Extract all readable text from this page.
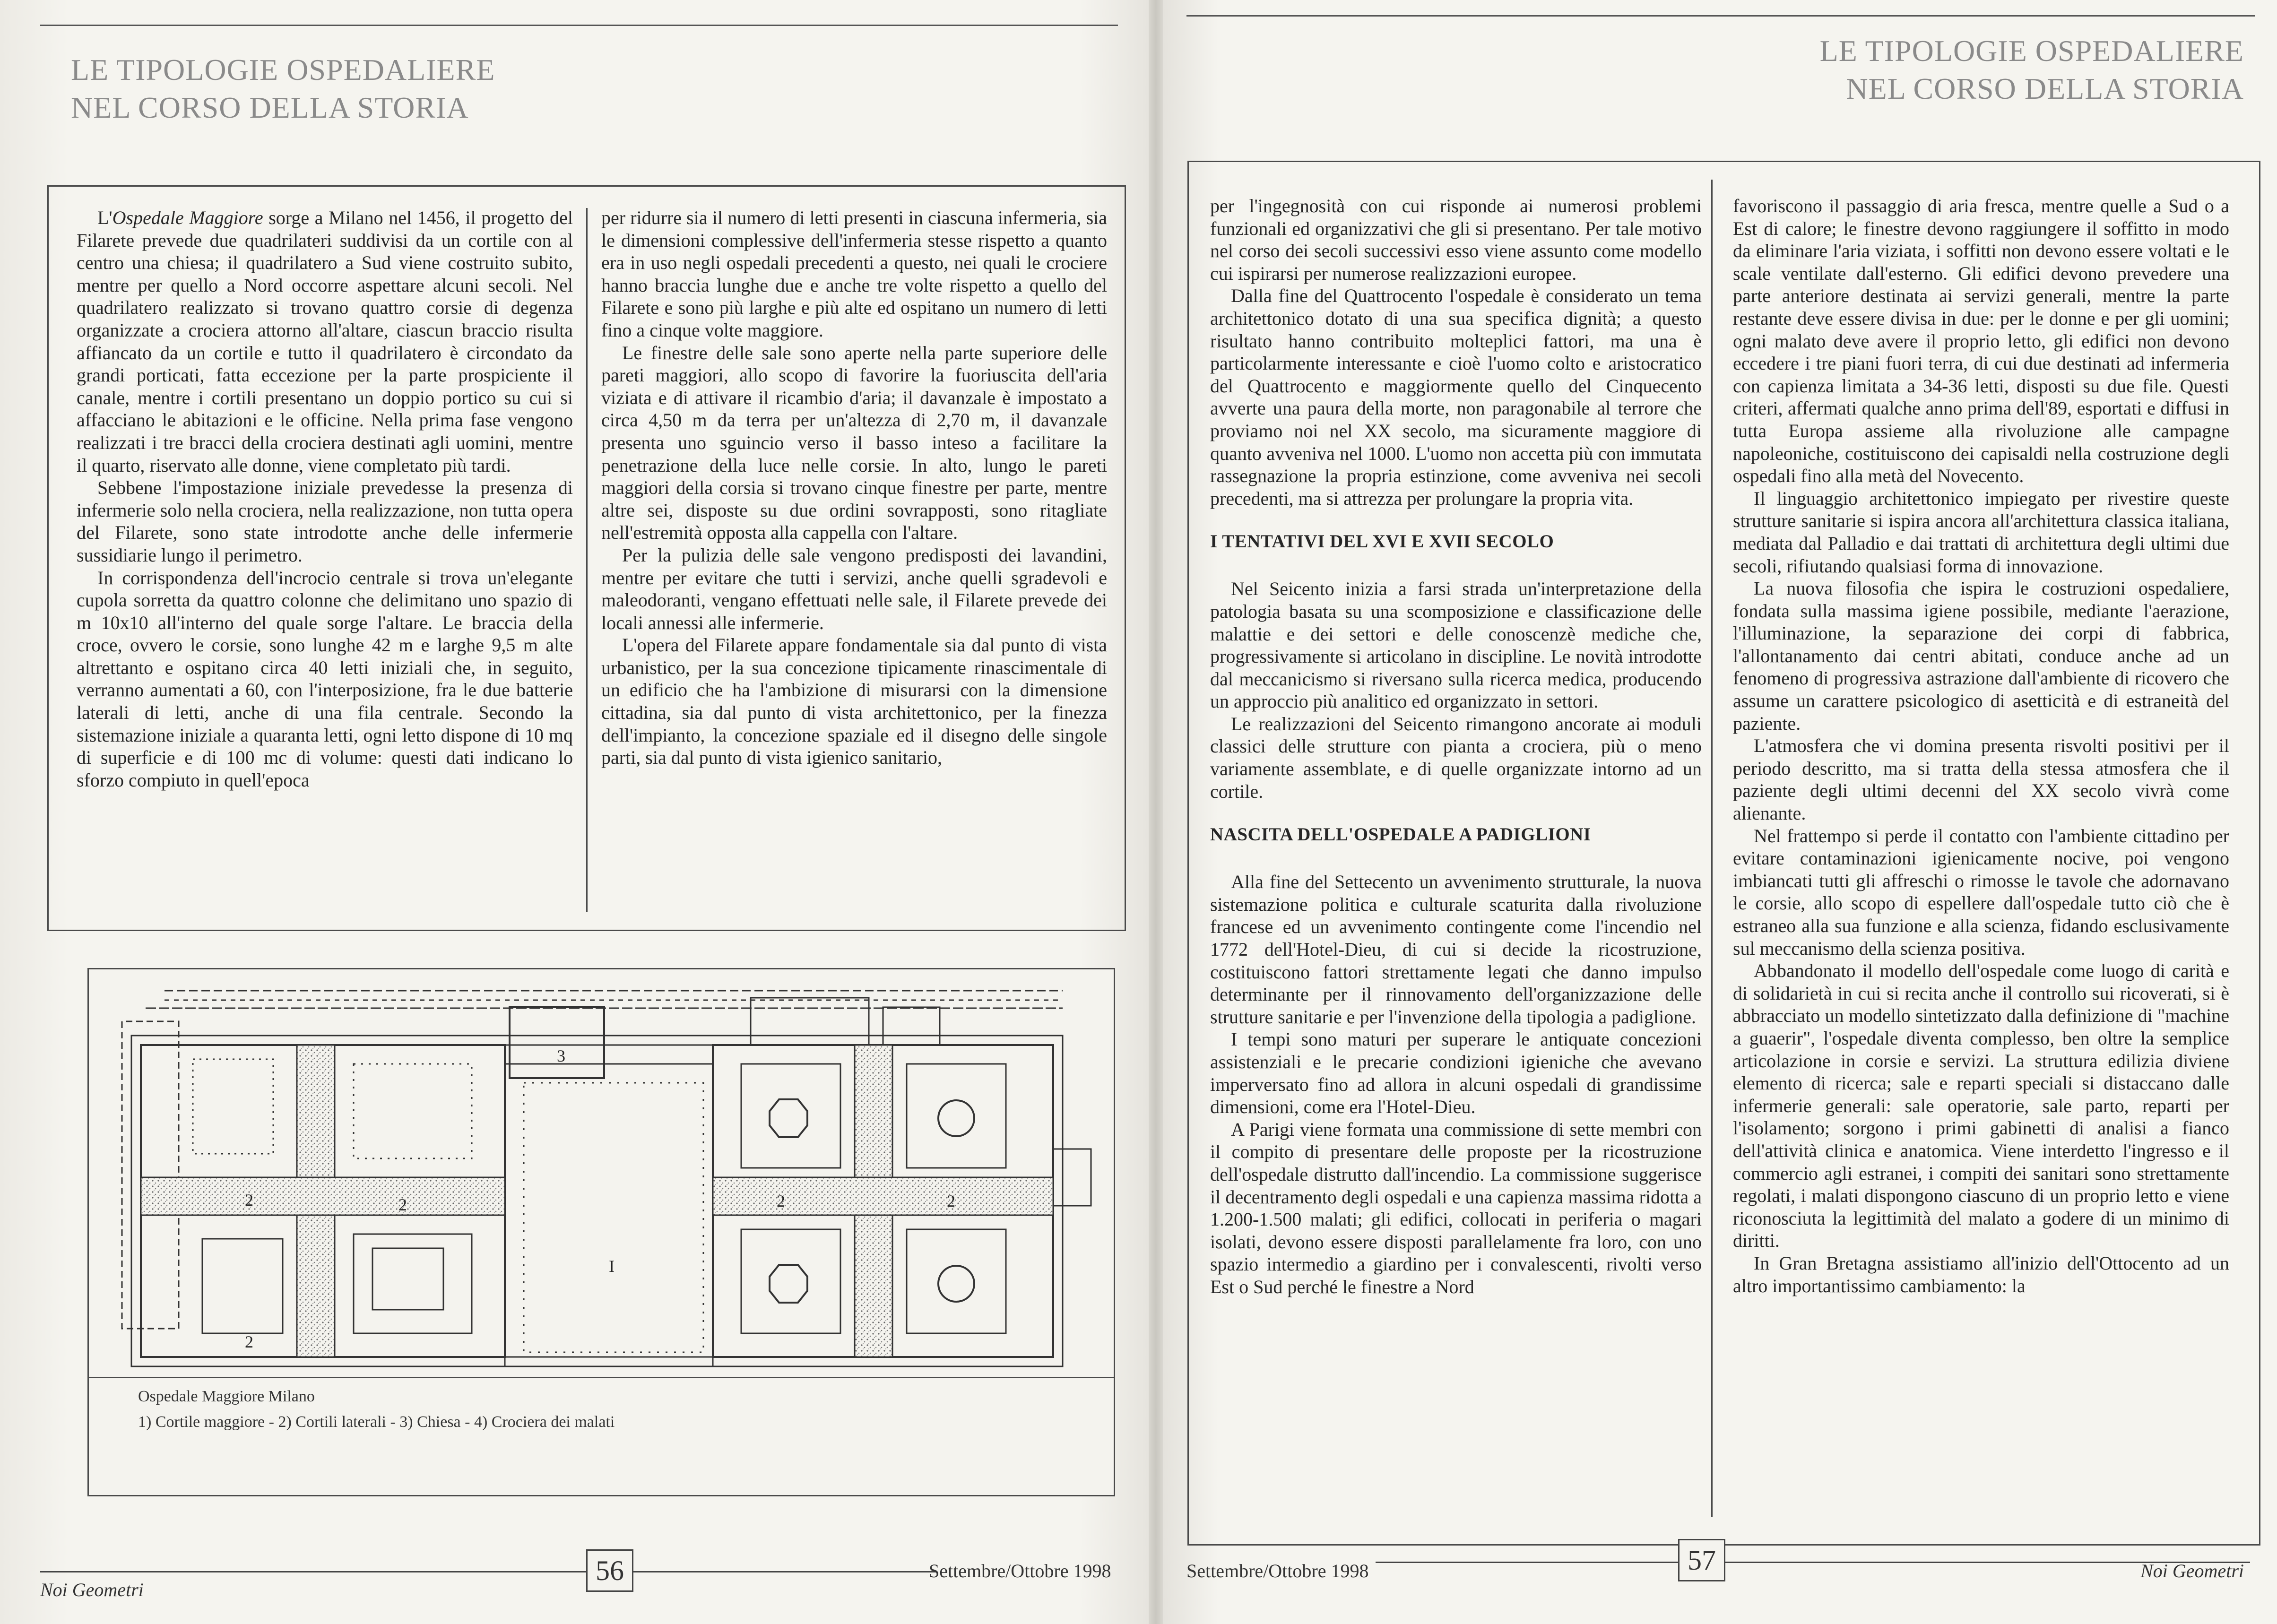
LE TIPOLOGIE OSPEDALIERE
NEL CORSO DELLA STORIA

L'Ospedale Maggiore sorge a Milano nel 1456, il progetto del Filarete prevede due quadrilateri suddivisi da un cortile con al centro una chiesa; il quadrilatero a Sud viene costruito subito, mentre per quello a Nord occorre aspettare alcuni secoli. Nel quadrilatero realizzato si trovano quattro corsie di degenza organizzate a crociera attorno all'altare, ciascun braccio risulta affiancato da un cortile e tutto il quadrilatero è circondato da grandi porticati, fatta eccezione per la parte prospiciente il canale, mentre i cortili presentano un doppio portico su cui si affacciano le abitazioni e le officine. Nella prima fase vengono realizzati i tre bracci della crociera destinati agli uomini, mentre il quarto, riservato alle donne, viene completato più tardi.

Sebbene l'impostazione iniziale prevedesse la presenza di infermerie solo nella crociera, nella realizzazione, non tutta opera del Filarete, sono state introdotte anche delle infermerie sussidiarie lungo il perimetro.

In corrispondenza dell'incrocio centrale si trova un'elegante cupola sorretta da quattro colonne che delimitano uno spazio di m 10x10 all'interno del quale sorge l'altare. Le braccia della croce, ovvero le corsie, sono lunghe 42 m e larghe 9,5 m alte altrettanto e ospitano circa 40 letti iniziali che, in seguito, verranno aumentati a 60, con l'interposizione, fra le due batterie laterali di letti, anche di una fila centrale. Secondo la sistemazione iniziale a quaranta letti, ogni letto dispone di 10 mq di superficie e di 100 mc di volume: questi dati indicano lo sforzo compiuto in quell'epoca

per ridurre sia il numero di letti presenti in ciascuna infermeria, sia le dimensioni complessive dell'infermeria stesse rispetto a quanto era in uso negli ospedali precedenti a questo, nei quali le crociere hanno braccia lunghe due e anche tre volte rispetto a quello del Filarete e sono più larghe e più alte ed ospitano un numero di letti fino a cinque volte maggiore.

Le finestre delle sale sono aperte nella parte superiore delle pareti maggiori, allo scopo di favorire la fuoriuscita dell'aria viziata e di attivare il ricambio d'aria; il davanzale è impostato a circa 4,50 m da terra per un'altezza di 2,70 m, il davanzale presenta uno sguincio verso il basso inteso a facilitare la penetrazione della luce nelle corsie. In alto, lungo le pareti maggiori della corsia si trovano cinque finestre per parte, mentre altre sei, disposte su due ordini sovrapposti, sono ritagliate nell'estremità opposta alla cappella con l'altare.

Per la pulizia delle sale vengono predisposti dei lavandini, mentre per evitare che tutti i servizi, anche quelli sgradevoli e maleodoranti, vengano effettuati nelle sale, il Filarete prevede dei locali annessi alle infermerie.

L'opera del Filarete appare fondamentale sia dal punto di vista urbanistico, per la sua concezione tipicamente rinascimentale di un edificio che ha l'ambizione di misurarsi con la dimensione cittadina, sia dal punto di vista architettonico, per la finezza dell'impianto, la concezione spaziale ed il disegno delle singole parti, sia dal punto di vista igienico sanitario,

2	2
2
I
3
2	2
Ospedale Maggiore Milano
1) Cortile maggiore - 2) Cortili laterali - 3) Chiesa - 4) Crociera dei malati
56
Noi Geometri
Settembre/Ottobre 1998
LE TIPOLOGIE OSPEDALIERE
NEL CORSO DELLA STORIA

per l'ingegnosità con cui risponde ai numerosi problemi funzionali ed organizzativi che gli si presentano. Per tale motivo nel corso dei secoli successivi esso viene assunto come modello cui ispirarsi per numerose realizzazioni europee.

Dalla fine del Quattrocento l'ospedale è considerato un tema architettonico dotato di una sua specifica dignità; a questo risultato hanno contribuito molteplici fattori, ma una è particolarmente interessante e cioè l'uomo colto e aristocratico del Quattrocento e maggiormente quello del Cinquecento avverte una paura della morte, non paragonabile al terrore che proviamo noi nel XX secolo, ma sicuramente maggiore di quanto avveniva nel 1000. L'uomo non accetta più con immutata rassegnazione la propria estinzione, come avveniva nei secoli precedenti, ma si attrezza per prolungare la propria vita.

I TENTATIVI DEL XVI E XVII SECOLO

Nel Seicento inizia a farsi strada un'interpretazione della patologia basata su una scomposizione e classificazione delle malattie e dei settori e delle conoscenzè mediche che, progressivamente si articolano in discipline. Le novità introdotte dal meccanicismo si riversano sulla ricerca medica, producendo un approccio più analitico ed organizzato in settori.

Le realizzazioni del Seicento rimangono ancorate ai moduli classici delle strutture con pianta a crociera, più o meno variamente assemblate, e di quelle organizzate intorno ad un cortile.

NASCITA DELL'OSPEDALE A PADIGLIONI

Alla fine del Settecento un avvenimento strutturale, la nuova sistemazione politica e culturale scaturita dalla rivoluzione francese ed un avvenimento contingente come l'incendio nel 1772 dell'Hotel-Dieu, di cui si decide la ricostruzione, costituiscono fattori strettamente legati che danno impulso determinante per il rinnovamento dell'organizzazione delle strutture sanitarie e per l'invenzione della tipologia a padiglione.

I tempi sono maturi per superare le antiquate concezioni assistenziali e le precarie condizioni igieniche che avevano imperversato fino ad allora in alcuni ospedali di grandissime dimensioni, come era l'Hotel-Dieu.

A Parigi viene formata una commissione di sette membri con il compito di presentare delle proposte per la ricostruzione dell'ospedale distrutto dall'incendio. La commissione suggerisce il decentramento degli ospedali e una capienza massima ridotta a 1.200-1.500 malati; gli edifici, collocati in periferia o magari isolati, devono essere disposti parallelamente fra loro, con uno spazio intermedio a giardino per i convalescenti, rivolti verso Est o Sud perché le finestre a Nord

favoriscono il passaggio di aria fresca, mentre quelle a Sud o a Est di calore; le finestre devono raggiungere il soffitto in modo da eliminare l'aria viziata, i soffitti non devono essere voltati e le scale ventilate dall'esterno. Gli edifici devono prevedere una parte anteriore destinata ai servizi generali, mentre la parte restante deve essere divisa in due: per le donne e per gli uomini; ogni malato deve avere il proprio letto, gli edifici non devono eccedere i tre piani fuori terra, di cui due destinati ad infermeria con capienza limitata a 34-36 letti, disposti su due file. Questi criteri, affermati qualche anno prima dell'89, esportati e diffusi in tutta Europa assieme alla rivoluzione alle campagne napoleoniche, costituiscono dei capisaldi nella costruzione degli ospedali fino alla metà del Novecento.

Il linguaggio architettonico impiegato per rivestire queste strutture sanitarie si ispira ancora all'architettura classica italiana, mediata dal Palladio e dai trattati di architettura degli ultimi due secoli, rifiutando qualsiasi forma di innovazione.

La nuova filosofia che ispira le costruzioni ospedaliere, fondata sulla massima igiene possibile, mediante l'aerazione, l'illuminazione, la separazione dei corpi di fabbrica, l'allontanamento dai centri abitati, conduce anche ad un fenomeno di progressiva astrazione dall'ambiente di ricovero che assume un carattere psicologico di asetticità e di estraneità del paziente.

L'atmosfera che vi domina presenta risvolti positivi per il periodo descritto, ma si tratta della stessa atmosfera che il paziente degli ultimi decenni del XX secolo vivrà come alienante.

Nel frattempo si perde il contatto con l'ambiente cittadino per evitare contaminazioni igienicamente nocive, poi vengono imbiancati tutti gli affreschi o rimosse le tavole che adornavano le corsie, allo scopo di espellere dall'ospedale tutto ciò che è estraneo alla sua funzione e alla scienza, fidando esclusivamente sul meccanismo della scienza positiva.

Abbandonato il modello dell'ospedale come luogo di carità e di solidarietà in cui si recita anche il controllo sui ricoverati, si è abbracciato un modello sintetizzato dalla definizione di "machine a guaerir", l'ospedale diventa complesso, ben oltre la semplice articolazione in corsie e servizi. La struttura edilizia diviene elemento di ricerca; sale e reparti speciali si distaccano dalle infermerie generali: sale operatorie, sale parto, reparti per l'isolamento; sorgono i primi gabinetti di analisi a fianco dell'attività clinica e anatomica. Viene interdetto l'ingresso e il commercio agli estranei, i compiti dei sanitari sono strettamente regolati, i malati dispongono ciascuno di un proprio letto e viene riconosciuta la legittimità del malato a godere di un minimo di diritti.

In Gran Bretagna assistiamo all'inizio dell'Ottocento ad un altro importantissimo cambiamento: la

57
Settembre/Ottobre 1998	Noi Geometri
